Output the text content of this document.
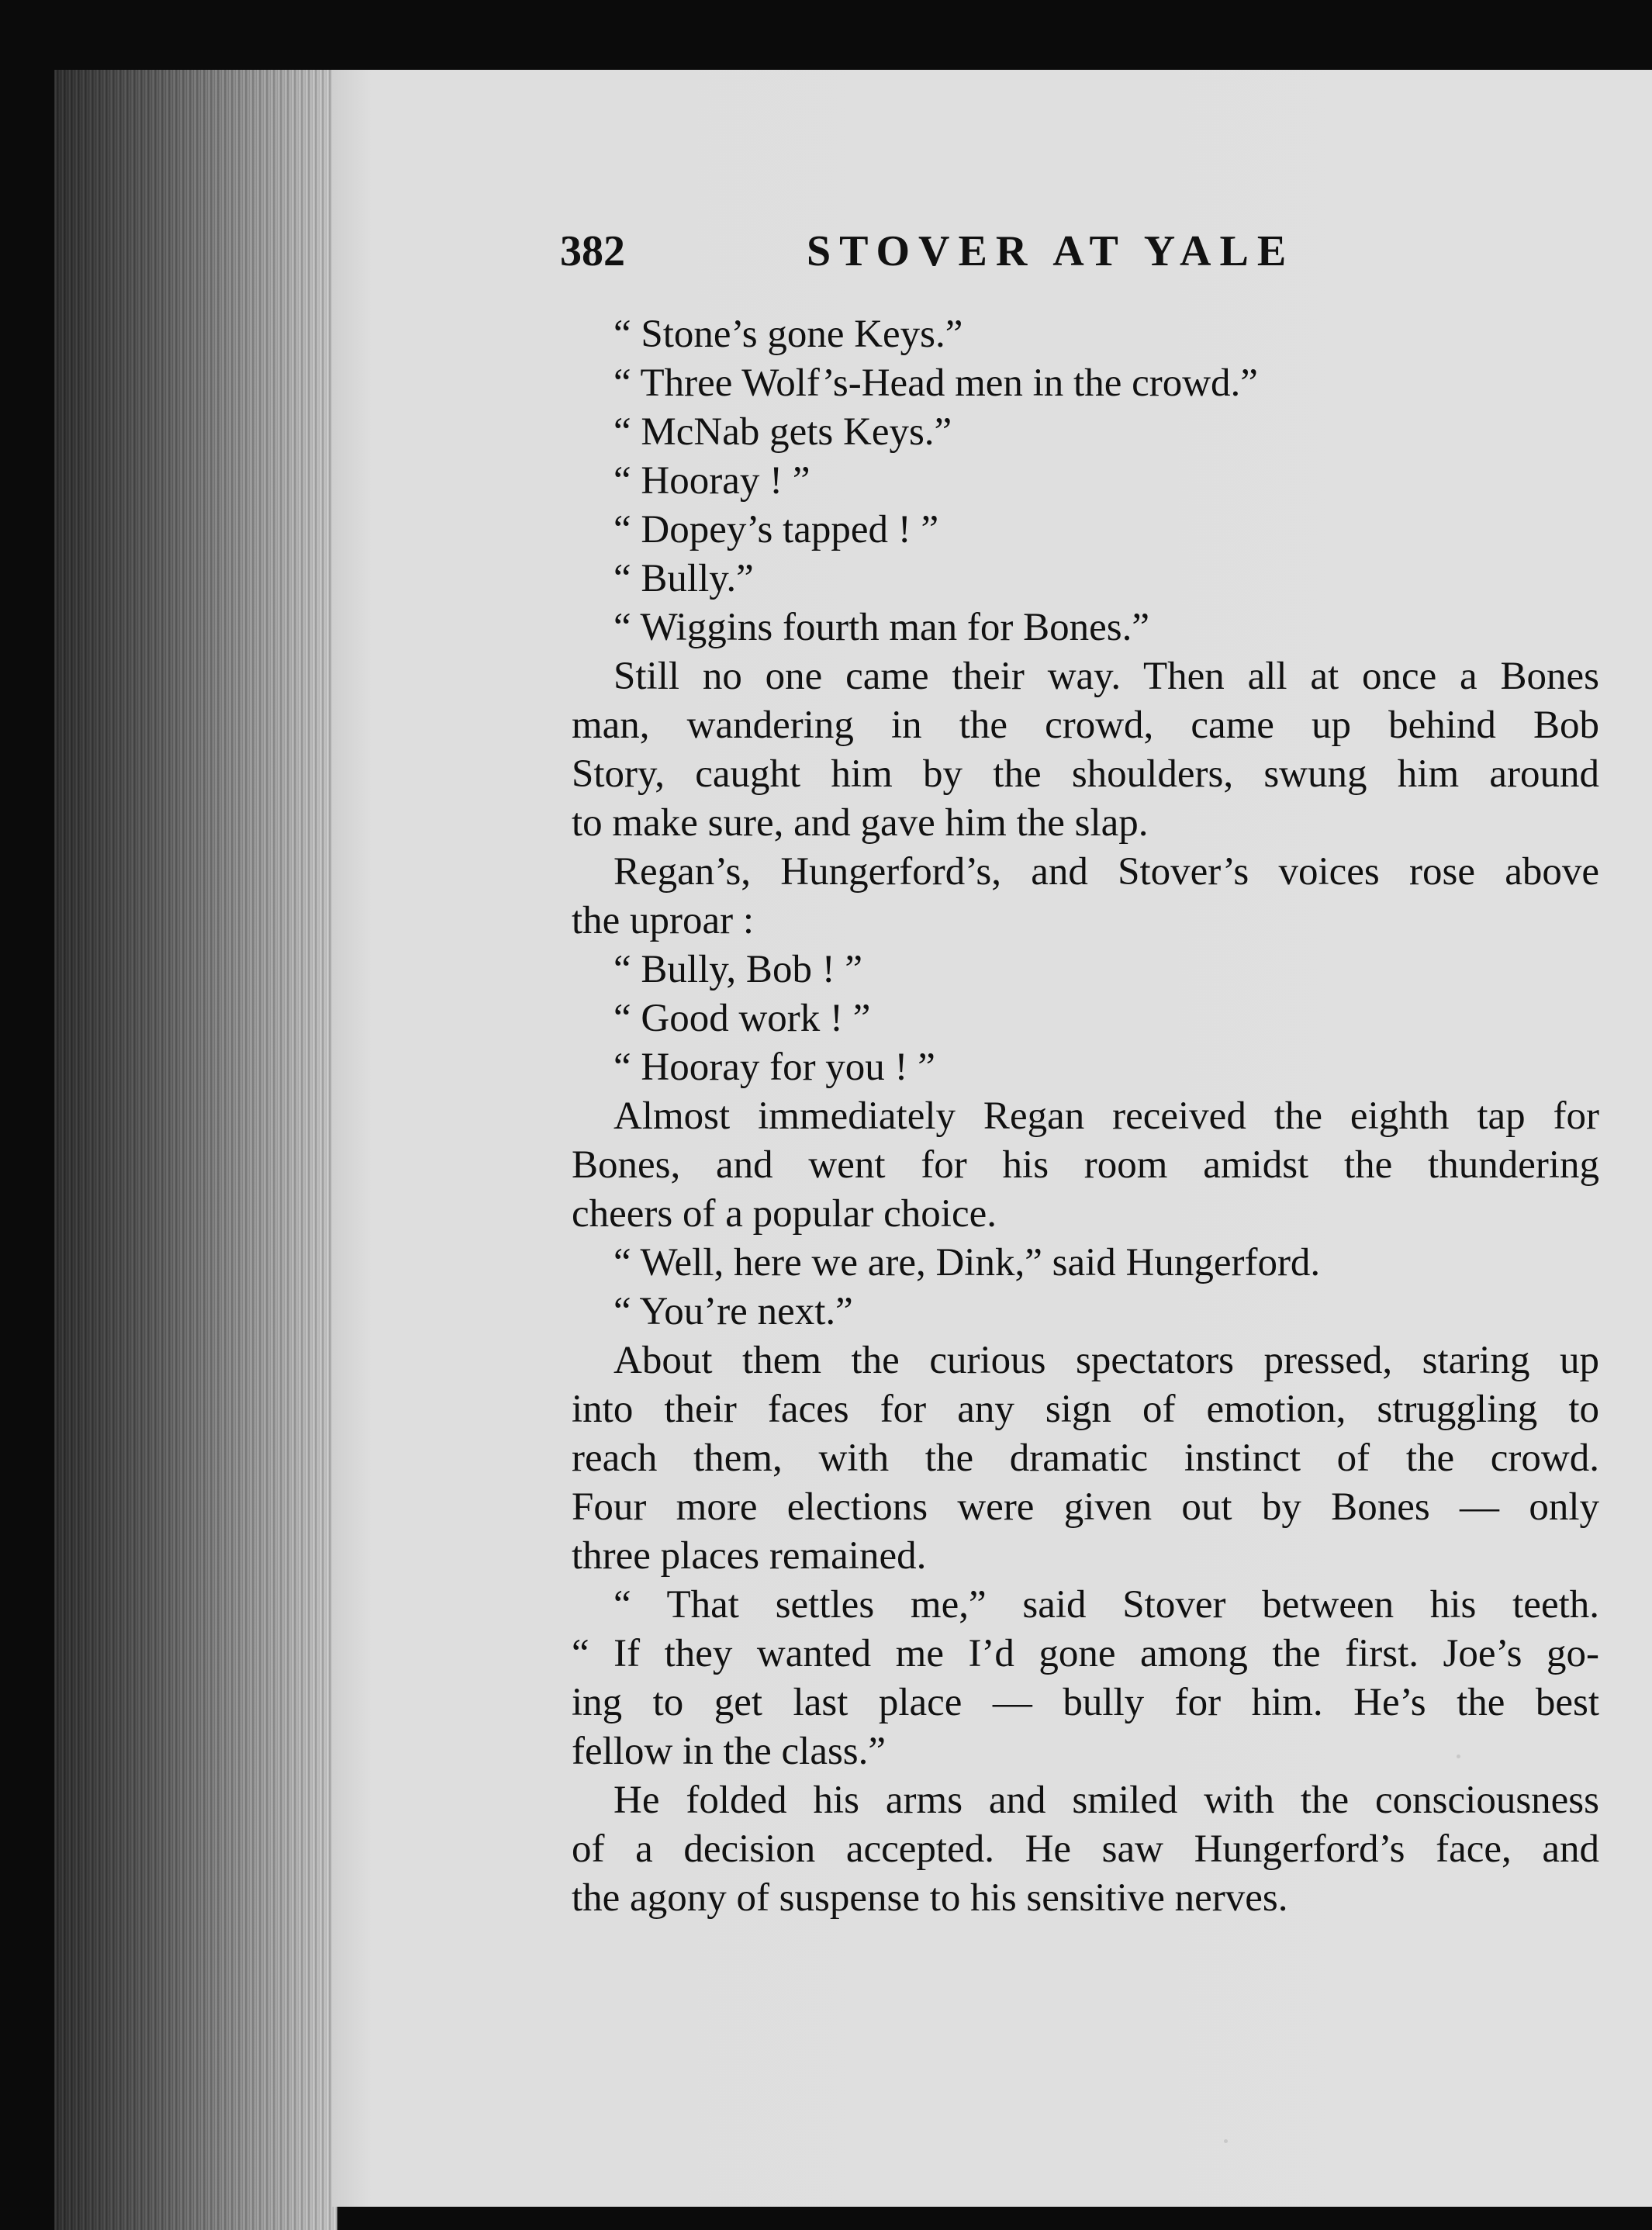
382	STOVER AT YALE
“ Stone’s gone Keys.”
“ Three Wolf’s-Head men in the crowd.”
“ McNab gets Keys.”
“ Hooray ! ”
“ Dopey’s tapped ! ”
“ Bully.”
“ Wiggins fourth man for Bones.”
Still no one came their way. Then all at once a Bones
man, wandering in the crowd, came up behind Bob
Story, caught him by the shoulders, swung him around
to make sure, and gave him the slap.
Regan’s, Hungerford’s, and Stover’s voices rose above
the uproar :
“ Bully, Bob ! ”
“ Good work ! ”
“ Hooray for you ! ”
Almost immediately Regan received the eighth tap for
Bones, and went for his room amidst the thundering
cheers of a popular choice.
“ Well, here we are, Dink,” said Hungerford.
“ You’re next.”
About them the curious spectators pressed, staring up
into their faces for any sign of emotion, struggling to
reach them, with the dramatic instinct of the crowd.
Four more elections were given out by Bones — only
three places remained.
“ That settles me,” said Stover between his teeth.
“ If they wanted me I’d gone among the first. Joe’s go-
ing to get last place — bully for him. He’s the best
fellow in the class.”
He folded his arms and smiled with the consciousness
of a decision accepted. He saw Hungerford’s face, and
the agony of suspense to his sensitive nerves.
